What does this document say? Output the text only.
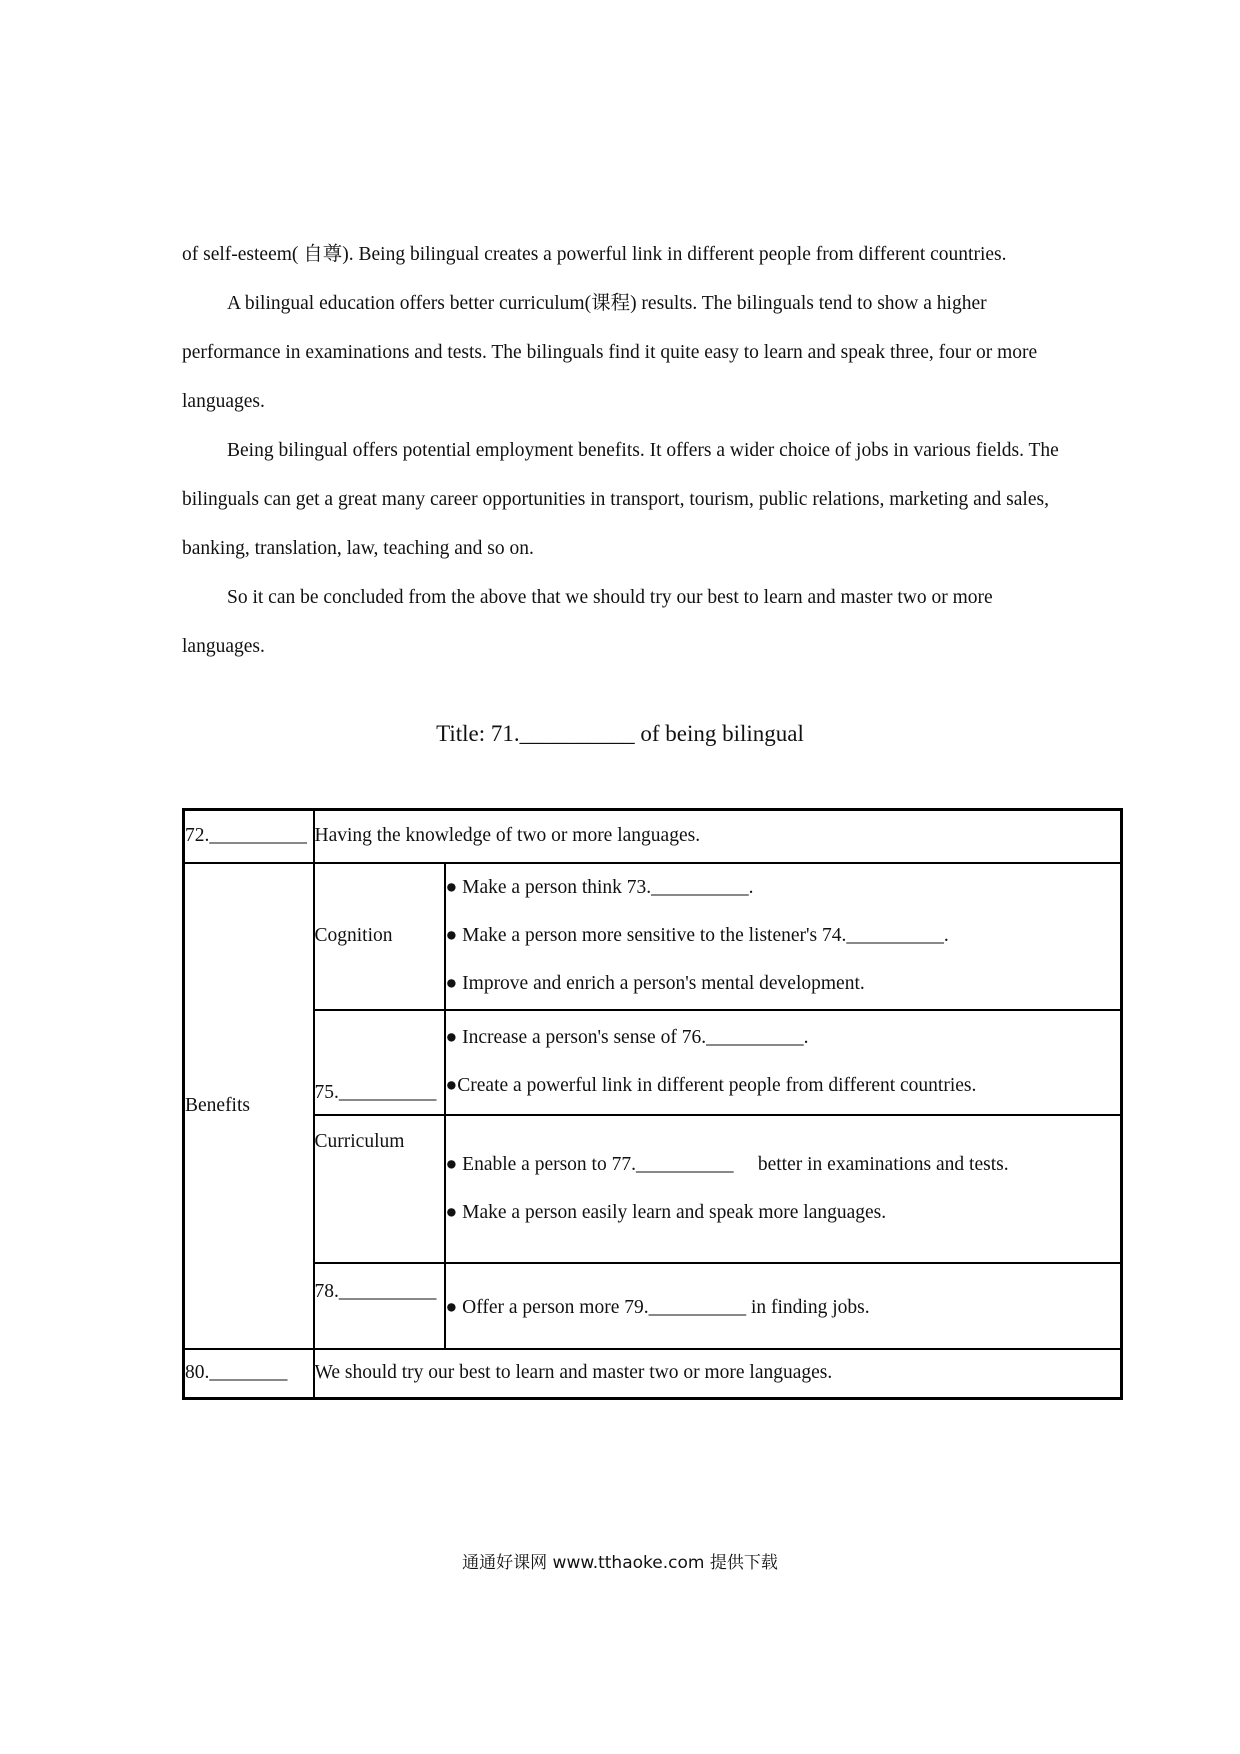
of self-esteem( 自尊). Being bilingual creates a powerful link in different people from different countries.

A bilingual education offers better curriculum(课程) results. The bilinguals tend to show a higher performance in examinations and tests. The bilinguals find it quite easy to learn and speak three, four or more languages.

Being bilingual offers potential employment benefits. It offers a wider choice of jobs in various fields. The bilinguals can get a great many career opportunities in transport, tourism, public relations, marketing and sales, banking, translation, law, teaching and so on.

So it can be concluded from the above that we should try our best to learn and master two or more languages.

Title: 71.__________ of being bilingual
72.__________	Having the knowledge of two or more languages.	
Benefits	Cognition	● Make a person think 73.__________.
● Make a person more sensitive to the listener's 74.__________.
● Improve and enrich a person's mental development.

	75.__________	● Increase a person's sense of 76.__________.
●Create a powerful link in different people from different countries.

	Curriculum	● Enable a person to 77.__________     better in examinations and tests.
● Make a person easily learn and speak more languages.

	78.__________	● Offer a person more 79.__________ in finding jobs.

80.________	We should try our best to learn and master two or more languages.	
通通好课网 www.tthaoke.com 提供下载
